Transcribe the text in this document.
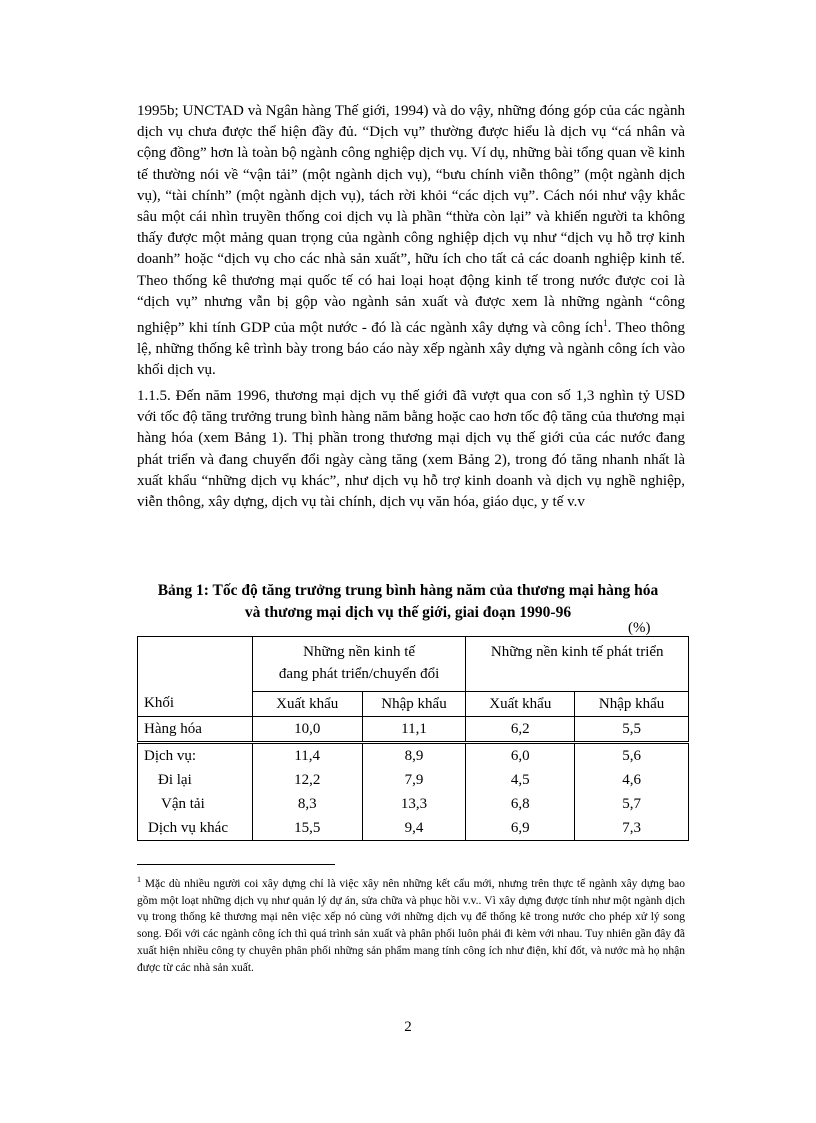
1995b; UNCTAD và Ngân hàng Thế giới, 1994) và do vậy, những đóng góp của các ngành dịch vụ chưa được thể hiện đầy đủ. “Dịch vụ” thường được hiểu là dịch vụ “cá nhân và cộng đồng” hơn là toàn bộ ngành công nghiệp dịch vụ. Ví dụ, những bài tổng quan về kinh tế thường nói về “vận tải” (một ngành dịch vụ), “bưu chính viễn thông” (một ngành dịch vụ), “tài chính” (một ngành dịch vụ), tách rời khỏi “các dịch vụ”. Cách nói như vậy khắc sâu một cái nhìn truyền thống coi dịch vụ là phần “thừa còn lại” và khiến người ta không thấy được một mảng quan trọng của ngành công nghiệp dịch vụ như “dịch vụ hỗ trợ kinh doanh” hoặc “dịch vụ cho các nhà sản xuất”, hữu ích cho tất cả các doanh nghiệp kinh tế. Theo thống kê thương mại quốc tế có hai loại hoạt động kinh tế trong nước được coi là “dịch vụ” nhưng vẫn bị gộp vào ngành sản xuất và được xem là những ngành “công nghiệp” khi tính GDP của một nước - đó là các ngành xây dựng và công ích$^1$. Theo thông lệ, những thống kê trình bày trong báo cáo này xếp ngành xây dựng và ngành công ích vào khối dịch vụ.

1.1.5. Đến năm 1996, thương mại dịch vụ thế giới đã vượt qua con số 1,3 nghìn tỷ USD với tốc độ tăng trưởng trung bình hàng năm bằng hoặc cao hơn tốc độ tăng của thương mại hàng hóa (xem Bảng 1). Thị phần trong thương mại dịch vụ thế giới của các nước đang phát triển và đang chuyển đổi ngày càng tăng (xem Bảng 2), trong đó tăng nhanh nhất là xuất khẩu “những dịch vụ khác”, như dịch vụ hỗ trợ kinh doanh và dịch vụ nghề nghiệp, viễn thông, xây dựng, dịch vụ tài chính, dịch vụ văn hóa, giáo dục, y tế v.v

Bảng 1: Tốc độ tăng trưởng trung bình hàng năm của thương mại hàng hóa
và thương mại dịch vụ thế giới, giai đoạn 1990-96
(%)

	Những nền kinh tế
đang phát triển/chuyển đổi		Những nền kinh tế phát triển	
Khối	Xuất khẩu	Nhập khẩu	Xuất khẩu	Nhập khẩu
Hàng hóa	10,0	11,1	6,2	5,5
Dịch vụ:	11,4	8,9	6,0	5,6
Đi lại	12,2	7,9	4,5	4,6
Vận tải	8,3	13,3	6,8	5,7
Dịch vụ khác	15,5	9,4	6,9	7,3

$^1$ Mặc dù nhiều người coi xây dựng chỉ là việc xây nên những kết cấu mới, nhưng trên thực tế ngành xây dựng bao gồm một loạt những dịch vụ như quản lý dự án, sửa chữa và phục hồi v.v.. Vì xây dựng được tính như một ngành dịch vụ trong thống kê thương mại nên việc xếp nó cùng với những dịch vụ để thống kê trong nước cho phép xử lý song song. Đối với các ngành công ích thì quá trình sản xuất và phân phối luôn phải đi kèm với nhau. Tuy nhiên gần đây đã xuất hiện nhiều công ty chuyên phân phối những sản phẩm mang tính công ích như điện, khí đốt, và nước mà họ nhận được từ các nhà sản xuất.

2
